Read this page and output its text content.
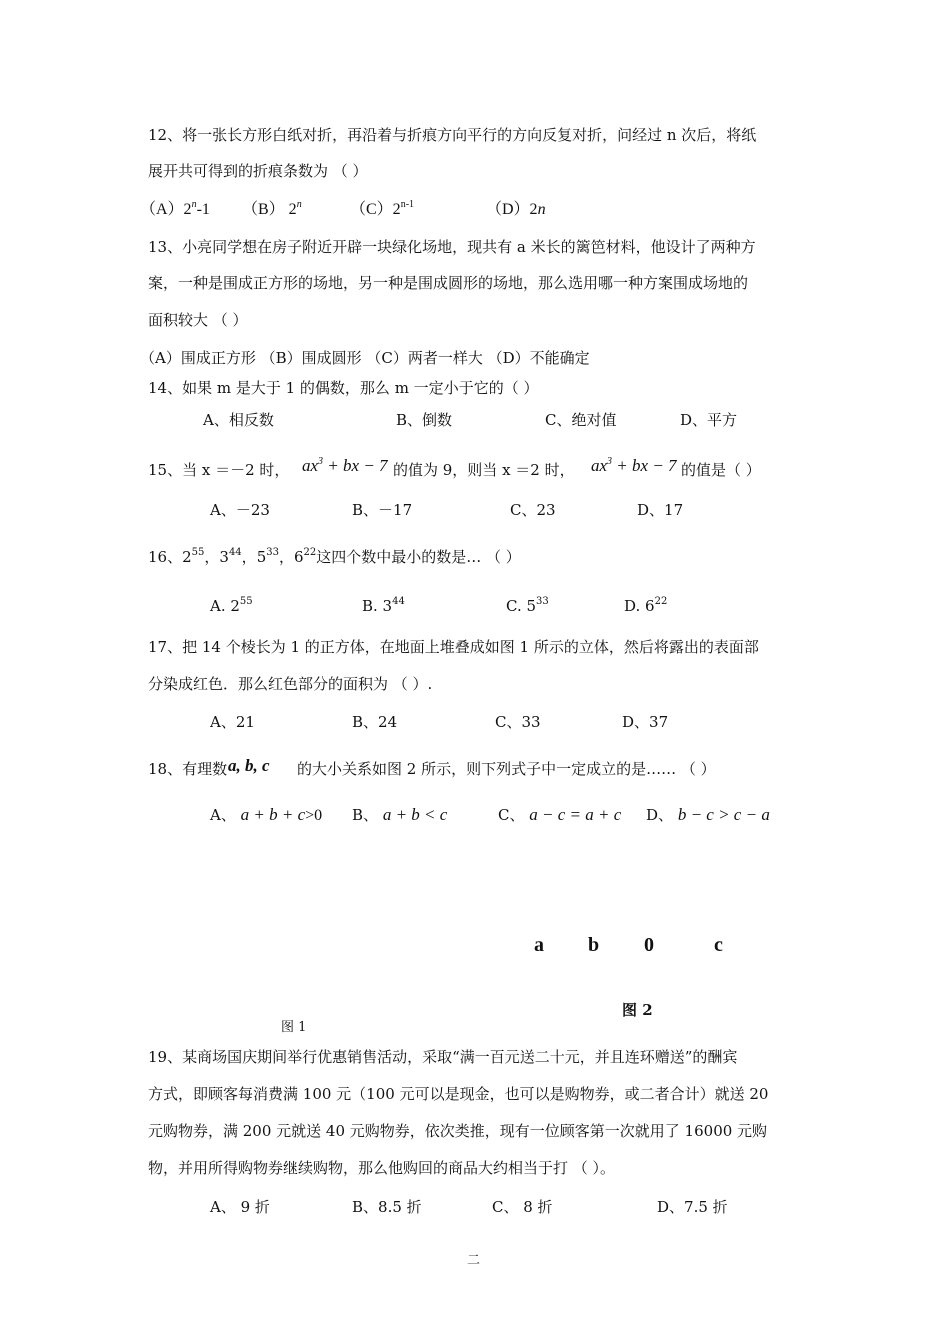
12、将一张长方形白纸对折，再沿着与折痕方向平行的方向反复对折，问经过 n 次后，将纸
展开共可得到的折痕条数为 （ ）
（A）2$^n$-1 （B） 2$^n$	（C）2$^{n-1}$	（D）2n
13、小亮同学想在房子附近开辟一块绿化场地，现共有 a 米长的篱笆材料，他设计了两种方
案，一种是围成正方形的场地，另一种是围成圆形的场地，那么选用哪一种方案围成场地的
面积较大 （ ）
（A）围成正方形 （B）围成圆形 （C）两者一样大 （D）不能确定
14、如果 m 是大于 1 的偶数，那么 m 一定小于它的（ ）
A、相反数	B、倒数	C、绝对值	D、平方
15、当 x ＝－2 时， $ax^3$ + bx − 7 的值为 9，则当 x ＝2 时， $ax^3$ + bx − 7 的值是（ ）
A、－23	B、－17	C、23	D、17
16、$2^{55}$，$3^{44}$，$5^{33}$，$6^{22}$这四个数中最小的数是… （ ）
A. $2^{55}$	B. $3^{44}$	C. $5^{33}$	D. $6^{22}$
17、把 14 个棱长为 1 的正方体，在地面上堆叠成如图 1 所示的立体，然后将露出的表面部
分染成红色．那么红色部分的面积为 （ ）.
A、21	B、24	C、33	D、37
18、有理数 a, b, c 的大小关系如图 2 所示，则下列式子中一定成立的是…… （ ）
A、 a + b + c>0 B、 a + b < c	C、 a − c = a + c D、 b − c > c − a
a b 0	c
图 2
图 1
19、某商场国庆期间举行优惠销售活动，采取“满一百元送二十元，并且连环赠送”的酬宾
方式，即顾客每消费满 100 元（100 元可以是现金，也可以是购物券，或二者合计）就送 20
元购物券，满 200 元就送 40 元购物券，依次类推，现有一位顾客第一次就用了 16000 元购
物，并用所得购物券继续购物，那么他购回的商品大约相当于打 （ ）。
A、 9 折	B、8.5 折	C、 8 折	D、7.5 折
二
